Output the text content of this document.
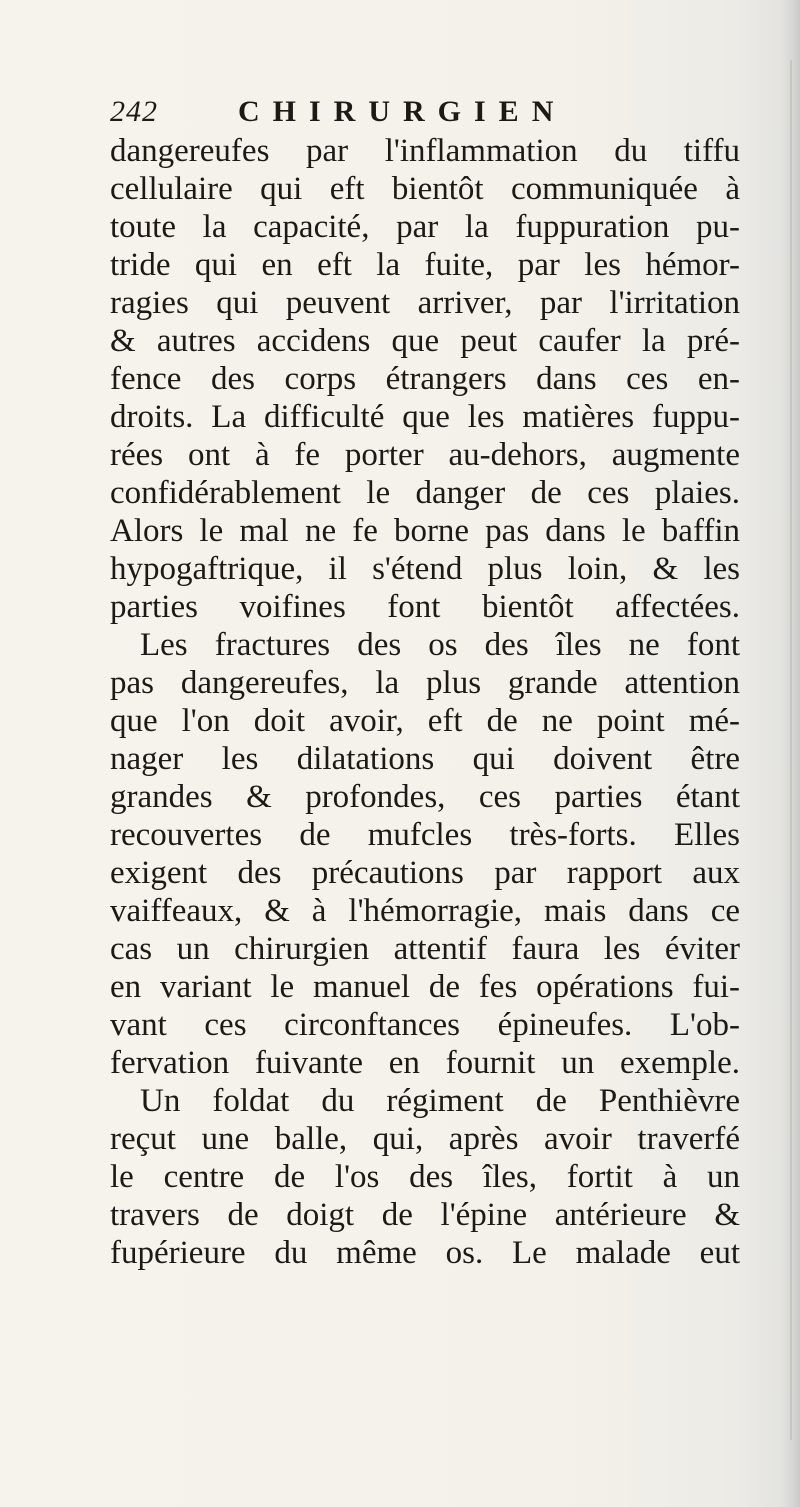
242	CHIRURGIEN
dangereufes par l'inflammation du tiffu
cellulaire qui eft bientôt communiquée à
toute la capacité, par la fuppuration pu-
tride qui en eft la fuite, par les hémor-
ragies qui peuvent arriver, par l'irritation
& autres accidens que peut caufer la pré-
fence des corps étrangers dans ces en-
droits. La difficulté que les matières fuppu-
rées ont à fe porter au-dehors, augmente
confidérablement le danger de ces plaies.
Alors le mal ne fe borne pas dans le baffin
hypogaftrique, il s'étend plus loin, & les
parties voifines font bientôt affectées.
Les fractures des os des îles ne font
pas dangereufes, la plus grande attention
que l'on doit avoir, eft de ne point mé-
nager les dilatations qui doivent être
grandes & profondes, ces parties étant
recouvertes de mufcles très-forts. Elles
exigent des précautions par rapport aux
vaiffeaux, & à l'hémorragie, mais dans ce
cas un chirurgien attentif faura les éviter
en variant le manuel de fes opérations fui-
vant ces circonftances épineufes. L'ob-
fervation fuivante en fournit un exemple.
Un foldat du régiment de Penthièvre
reçut une balle, qui, après avoir traverfé
le centre de l'os des îles, fortit à un
travers de doigt de l'épine antérieure &
fupérieure du même os. Le malade eut
